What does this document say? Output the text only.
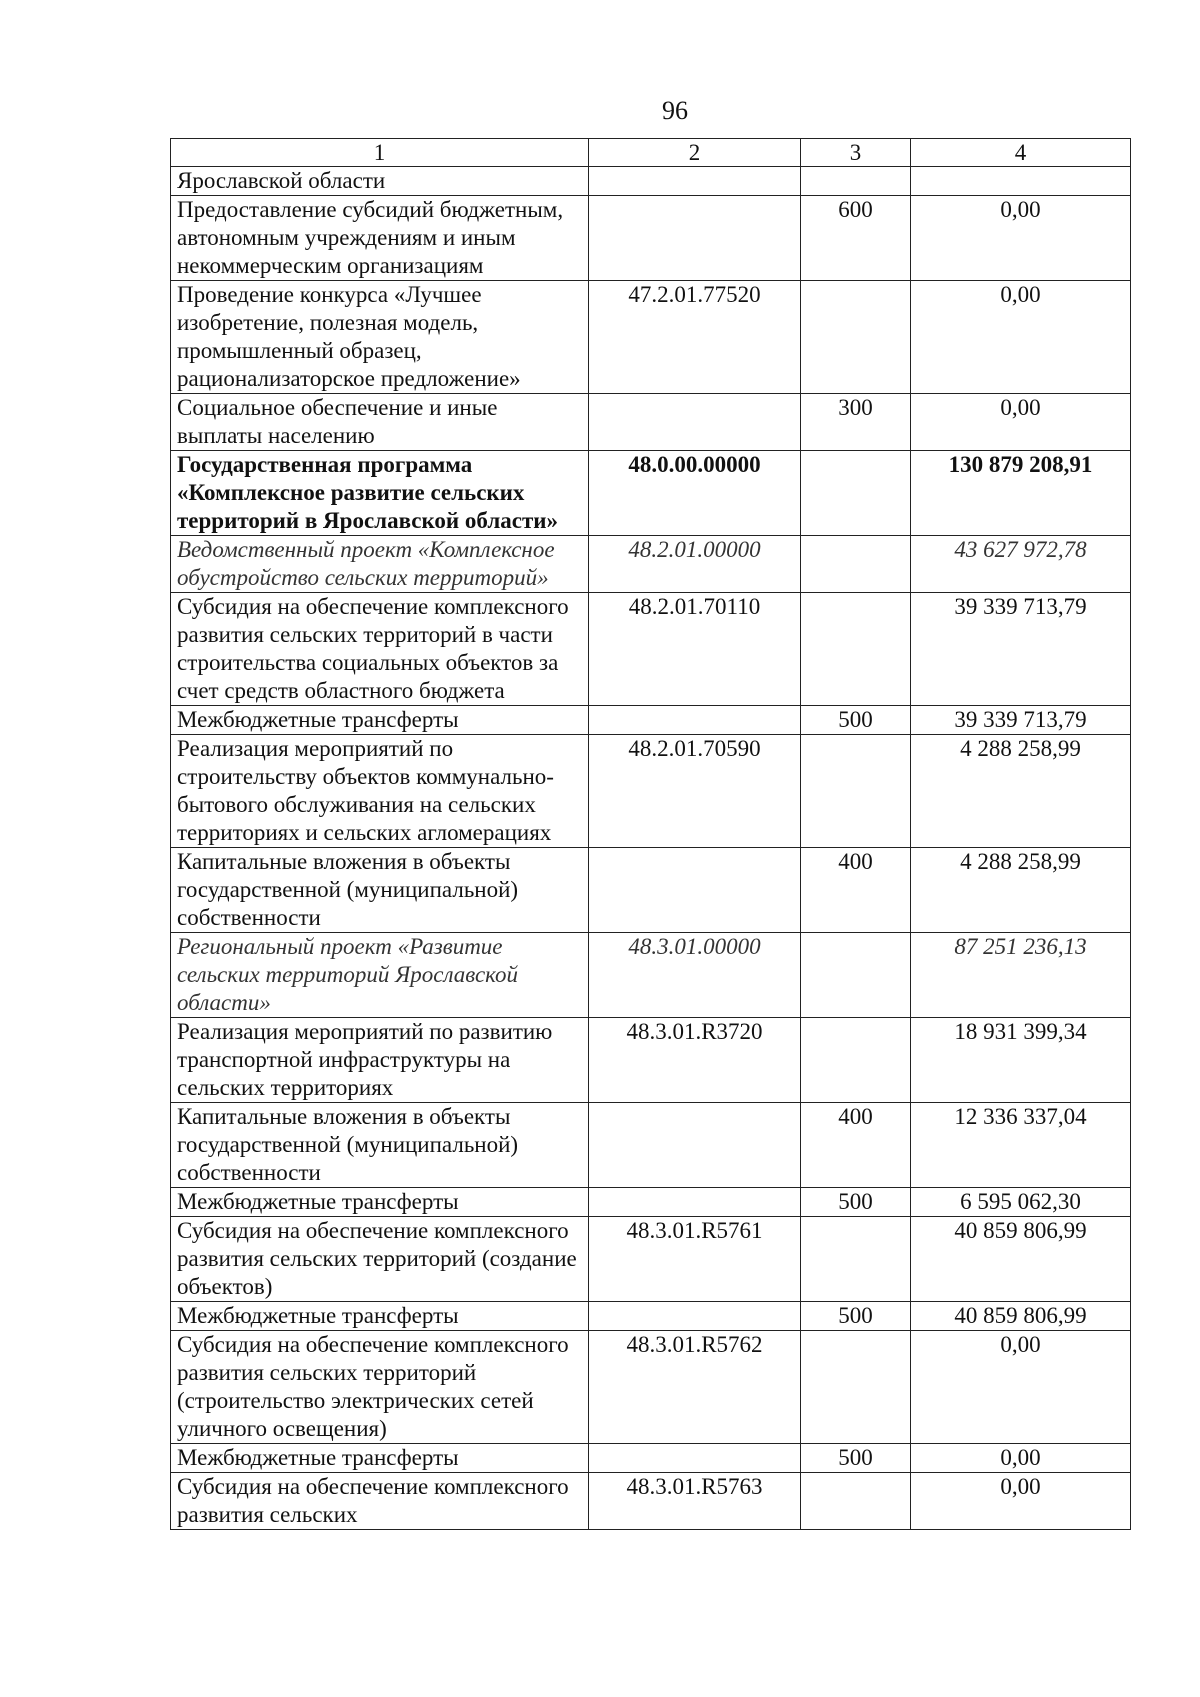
96
1	2	3	4
Ярославской области			
Предоставление субсидий бюджетным, автономным учреждениям и иным некоммерческим организациям		600	0,00
Проведение конкурса «Лучшее изобретение, полезная модель, промышленный образец, рационализаторское предложение»	47.2.01.77520		0,00
Социальное обеспечение и иные выплаты населению		300	0,00
Государственная программа «Комплексное развитие сельских территорий в Ярославской области»	48.0.00.00000		130 879 208,91
Ведомственный проект «Комплексное обустройство сельских территорий»	48.2.01.00000		43 627 972,78
Субсидия на обеспечение комплексного развития сельских территорий в части строительства социальных объектов за счет средств областного бюджета	48.2.01.70110		39 339 713,79
Межбюджетные трансферты		500	39 339 713,79
Реализация мероприятий по строительству объектов коммунально-бытового обслуживания на сельских территориях и сельских агломерациях	48.2.01.70590		4 288 258,99
Капитальные вложения в объекты государственной (муниципальной) собственности		400	4 288 258,99
Региональный проект «Развитие сельских территорий Ярославской области»	48.3.01.00000		87 251 236,13
Реализация мероприятий по развитию транспортной инфраструктуры на сельских территориях	48.3.01.R3720		18 931 399,34
Капитальные вложения в объекты государственной (муниципальной) собственности		400	12 336 337,04
Межбюджетные трансферты		500	6 595 062,30
Субсидия на обеспечение комплексного развития сельских территорий (создание объектов)	48.3.01.R5761		40 859 806,99
Межбюджетные трансферты		500	40 859 806,99
Субсидия на обеспечение комплексного развития сельских территорий (строительство электрических сетей уличного освещения)	48.3.01.R5762		0,00
Межбюджетные трансферты		500	0,00
Субсидия на обеспечение комплексного развития сельских	48.3.01.R5763		0,00
